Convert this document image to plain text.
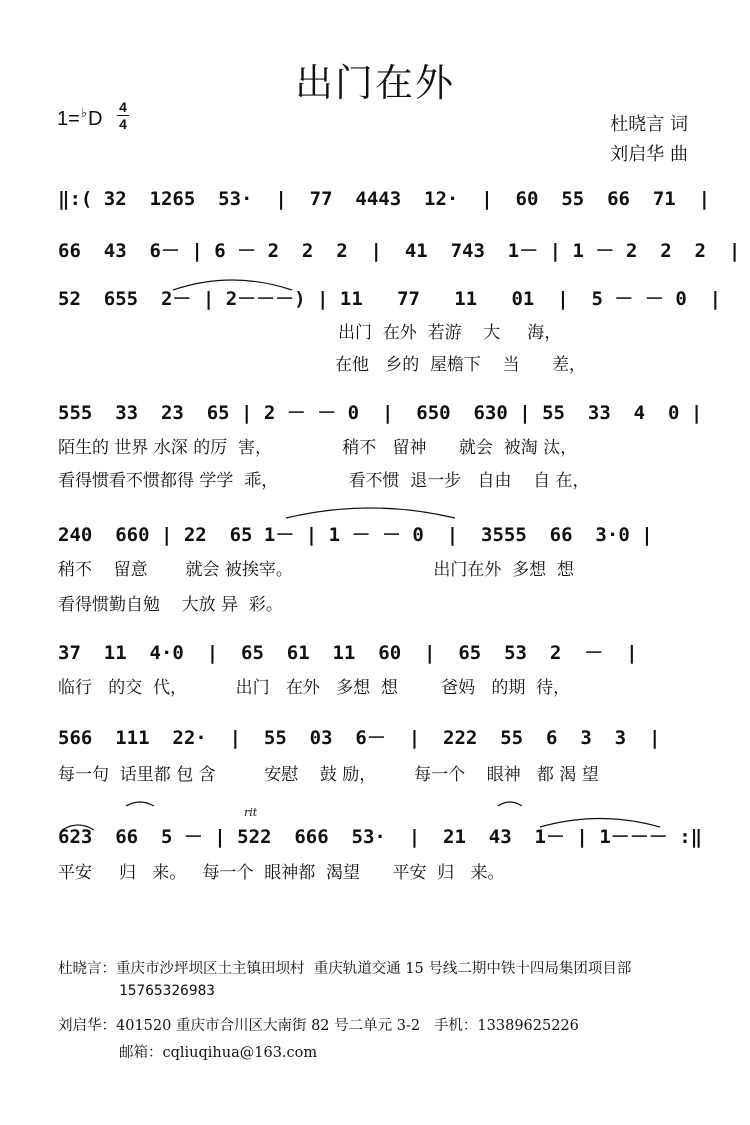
出门在外
1=♭D
4
4	杜晓言 词
刘启华 曲
‖:( 32  1265  53·  |  77  4443  12·  |  60  55  66  71  |
66  43  6－ | 6 － 2  2  2  |  41  743  1－ | 1 － 2  2  2  |
52  655  2－ | 2－－－) | 11   77   11   01  |  5 － － 0  |
出门  在外  若游    大     海，
在他   乡的  屋檐下    当      差，
555  33  23  65 | 2 － － 0  |  650  630 | 55  33  4  0 |
陌生的 世界 水深 的厉  害，             稍不   留神      就会  被淘 汰，
看得惯看不惯都得 学学  乖，             看不惯  退一步   自由    自 在，
240  660 | 22  65 1－ | 1 － － 0  |  3555  66  3·0 |
稍不    留意       就会 被挨宰。                          出门在外  多想  想
看得惯勤自勉    大放 异  彩。
37  11  4·0  |  65  61  11  60  |  65  53  2  －  |
临行   的交  代，         出门   在外   多想  想        爸妈   的期  待，
566  111  22·  |  55  03  6－  |  222  55  6  3  3  |
每一句  话里都 包 含         安慰    鼓 励，       每一个    眼神   都 渴 望
rit
623  66  5 － | 522  666  53·  |  21  43  1－ | 1－－－ :‖
平安     归   来。   每一个  眼神都  渴望      平安  归   来。
杜晓言：重庆市沙坪坝区土主镇田坝村  重庆轨道交通 15 号线二期中铁十四局集团项目部
15765326983
刘启华：401520 重庆市合川区大南街 82 号二单元 3-2   手机：13389625226
邮箱：cqliuqihua@163.com
